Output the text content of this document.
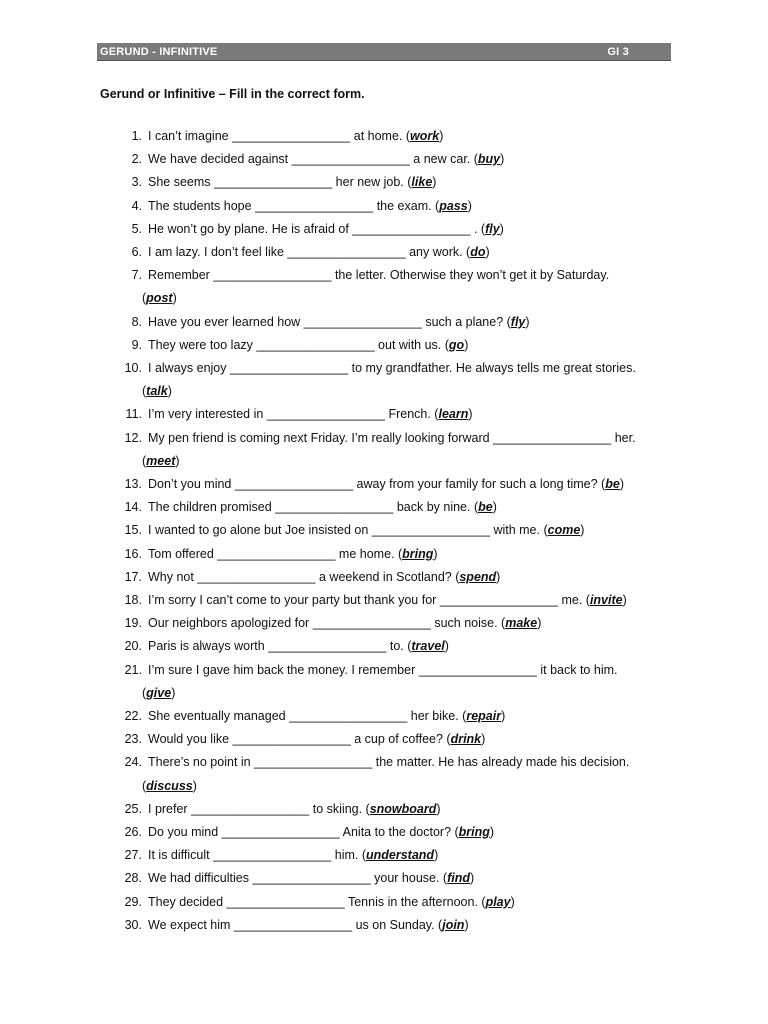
GERUND - INFINITIVE	GI 3
Gerund or Infinitive – Fill in the correct form.
1. I can’t imagine _________________ at home. (work)
2. We have decided against _________________ a new car. (buy)
3. She seems _________________ her new job. (like)
4. The students hope _________________ the exam. (pass)
5. He won’t go by plane. He is afraid of _________________ . (fly)
6. I am lazy. I don’t feel like _________________ any work. (do)
7. Remember _________________ the letter. Otherwise they won’t get it by Saturday.
(post)
8. Have you ever learned how _________________ such a plane? (fly)
9. They were too lazy _________________ out with us. (go)
10. I always enjoy _________________ to my grandfather. He always tells me great stories.
(talk)
11. I’m very interested in _________________ French. (learn)
12. My pen friend is coming next Friday. I’m really looking forward _________________ her.
(meet)
13. Don’t you mind _________________ away from your family for such a long time? (be)
14. The children promised _________________ back by nine. (be)
15. I wanted to go alone but Joe insisted on _________________ with me. (come)
16. Tom offered _________________ me home. (bring)
17. Why not _________________ a weekend in Scotland? (spend)
18. I’m sorry I can’t come to your party but thank you for _________________ me. (invite)
19. Our neighbors apologized for _________________ such noise. (make)
20. Paris is always worth _________________ to. (travel)
21. I’m sure I gave him back the money. I remember _________________ it back to him.
(give)
22. She eventually managed _________________ her bike. (repair)
23. Would you like _________________ a cup of coffee? (drink)
24. There’s no point in _________________ the matter. He has already made his decision.
(discuss)
25. I prefer _________________ to skiing. (snowboard)
26. Do you mind _________________ Anita to the doctor? (bring)
27. It is difficult _________________ him. (understand)
28. We had difficulties _________________ your house. (find)
29. They decided _________________ Tennis in the afternoon. (play)
30. We expect him _________________ us on Sunday. (join)
